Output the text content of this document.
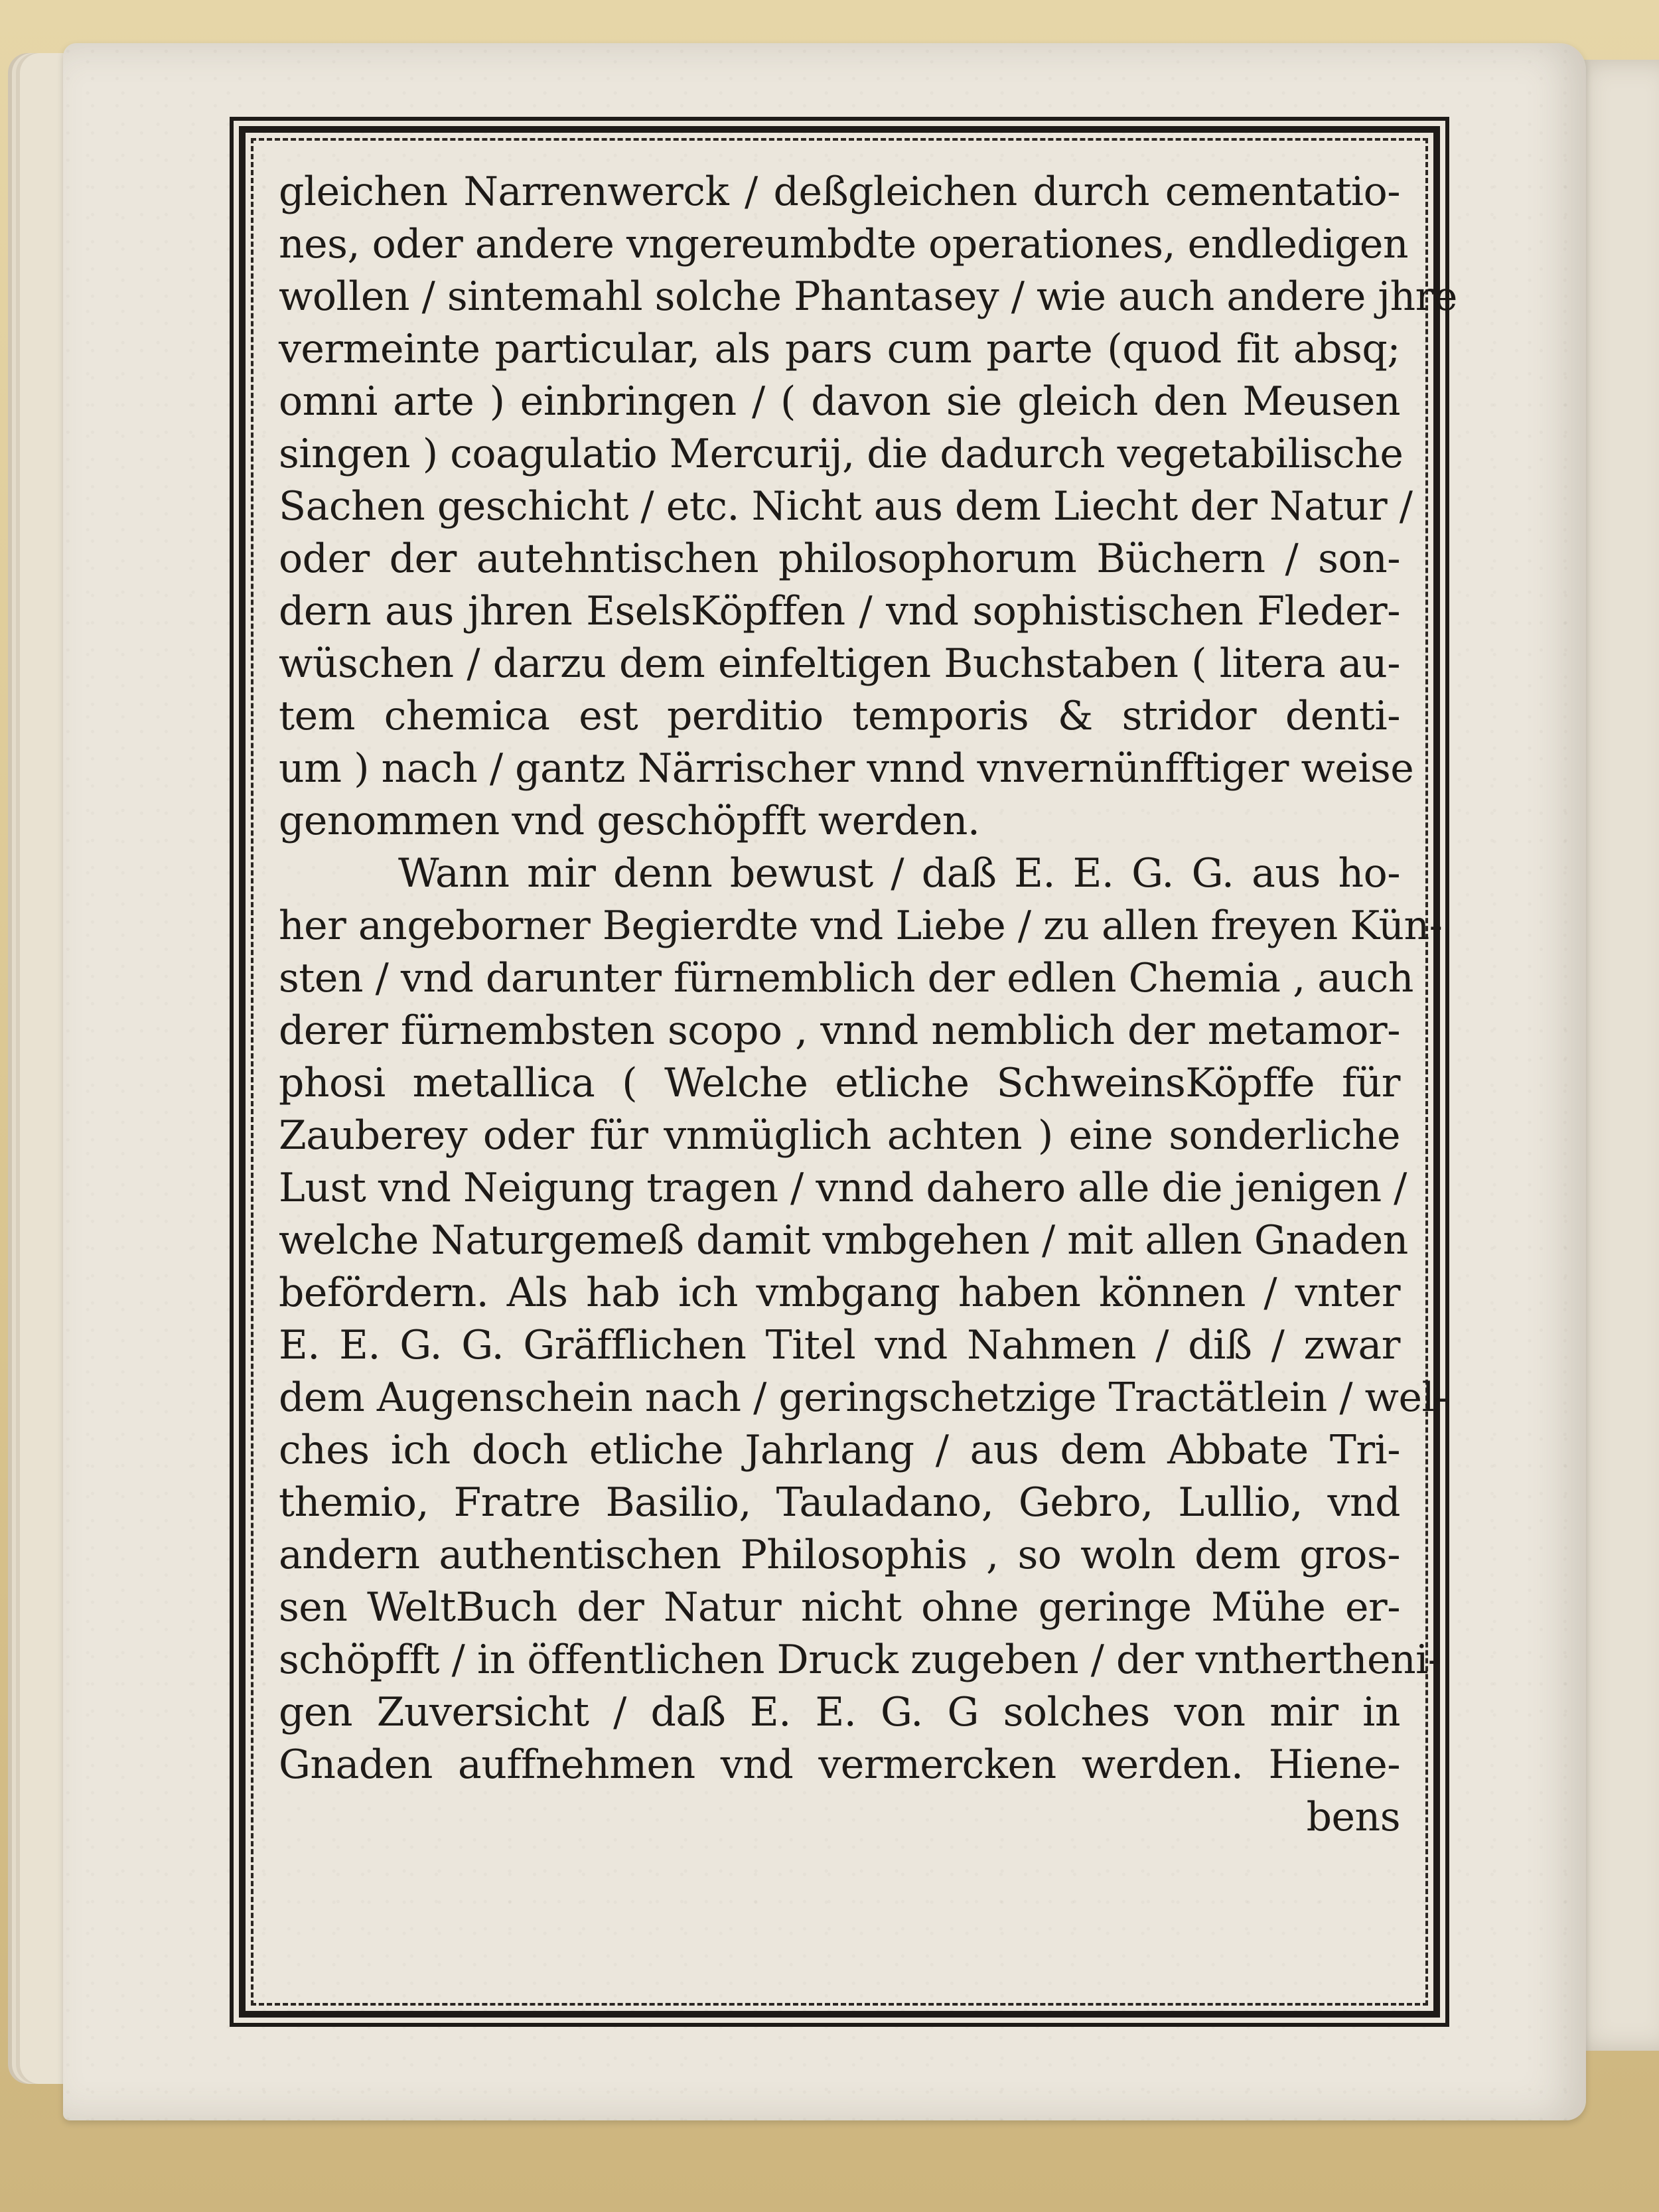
gleichen Narrenwerck / deßgleichen durch cementatio-
nes, oder andere vngereumbdte operationes, endledigen
wollen / sintemahl solche Phantasey / wie auch andere jhre
vermeinte particular, als pars cum parte (quod fit absq;
omni arte ) einbringen / ( davon sie gleich den Meusen
singen ) coagulatio Mercurij, die dadurch vegetabilische
Sachen geschicht / etc. Nicht aus dem Liecht der Natur /
oder der autehntischen philosophorum Büchern / son-
dern aus jhren EselsKöpffen / vnd sophistischen Fleder-
wüschen / darzu dem einfeltigen Buchstaben ( litera au-
tem chemica est perditio temporis & stridor denti-
um ) nach / gantz Närrischer vnnd vnvernünfftiger weise
genommen vnd geschöpfft werden.
Wann mir denn bewust / daß E. E. G. G. aus ho-
her angeborner Begierdte vnd Liebe / zu allen freyen Kün-
sten / vnd darunter fürnemblich der edlen Chemia , auch
derer fürnembsten scopo , vnnd nemblich der metamor-
phosi metallica ( Welche etliche SchweinsKöpffe für
Zauberey oder für vnmüglich achten ) eine sonderliche
Lust vnd Neigung tragen / vnnd dahero alle die jenigen /
welche Naturgemeß damit vmbgehen / mit allen Gnaden
befördern. Als hab ich vmbgang haben können / vnter
E. E. G. G. Gräfflichen Titel vnd Nahmen / diß / zwar
dem Augenschein nach / geringschetzige Tractätlein / wel-
ches ich doch etliche Jahrlang / aus dem Abbate Tri-
themio, Fratre Basilio, Tauladano, Gebro, Lullio, vnd
andern authentischen Philosophis , so woln dem gros-
sen WeltBuch der Natur nicht ohne geringe Mühe er-
schöpfft / in öffentlichen Druck zugeben / der vnthertheni-
gen Zuversicht / daß E. E. G. G solches von mir in
Gnaden auffnehmen vnd vermercken werden. Hiene-
bens
